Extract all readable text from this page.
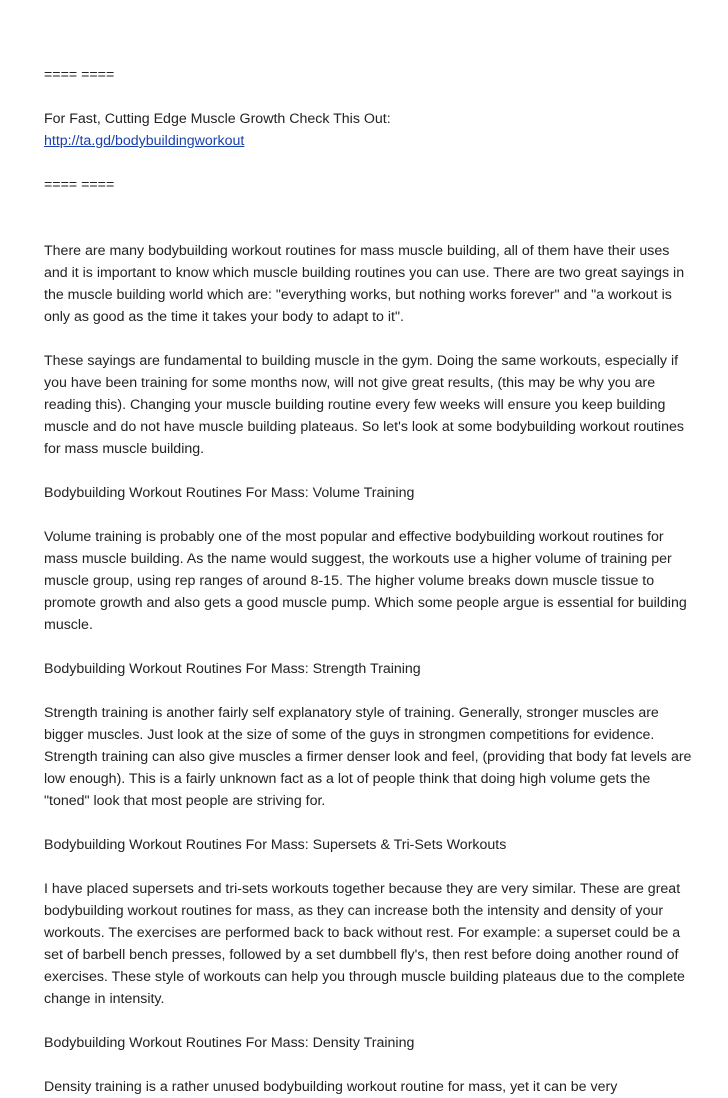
==== ====

For Fast, Cutting Edge Muscle Growth Check This Out:

http://ta.gd/bodybuildingworkout

==== ====

There are many bodybuilding workout routines for mass muscle building, all of them have their uses and it is important to know which muscle building routines you can use. There are two great sayings in the muscle building world which are: "everything works, but nothing works forever" and "a workout is only as good as the time it takes your body to adapt to it".

These sayings are fundamental to building muscle in the gym. Doing the same workouts, especially if you have been training for some months now, will not give great results, (this may be why you are reading this). Changing your muscle building routine every few weeks will ensure you keep building muscle and do not have muscle building plateaus. So let's look at some bodybuilding workout routines for mass muscle building.

Bodybuilding Workout Routines For Mass: Volume Training

Volume training is probably one of the most popular and effective bodybuilding workout routines for mass muscle building. As the name would suggest, the workouts use a higher volume of training per muscle group, using rep ranges of around 8-15. The higher volume breaks down muscle tissue to promote growth and also gets a good muscle pump. Which some people argue is essential for building muscle.

Bodybuilding Workout Routines For Mass: Strength Training

Strength training is another fairly self explanatory style of training. Generally, stronger muscles are bigger muscles. Just look at the size of some of the guys in strongmen competitions for evidence. Strength training can also give muscles a firmer denser look and feel, (providing that body fat levels are low enough). This is a fairly unknown fact as a lot of people think that doing high volume gets the "toned" look that most people are striving for.

Bodybuilding Workout Routines For Mass: Supersets & Tri-Sets Workouts

I have placed supersets and tri-sets workouts together because they are very similar. These are great bodybuilding workout routines for mass, as they can increase both the intensity and density of your workouts. The exercises are performed back to back without rest. For example: a superset could be a set of barbell bench presses, followed by a set dumbbell fly's, then rest before doing another round of exercises. These style of workouts can help you through muscle building plateaus due to the complete change in intensity.

Bodybuilding Workout Routines For Mass: Density Training

Density training is a rather unused bodybuilding workout routine for mass, yet it can be very
